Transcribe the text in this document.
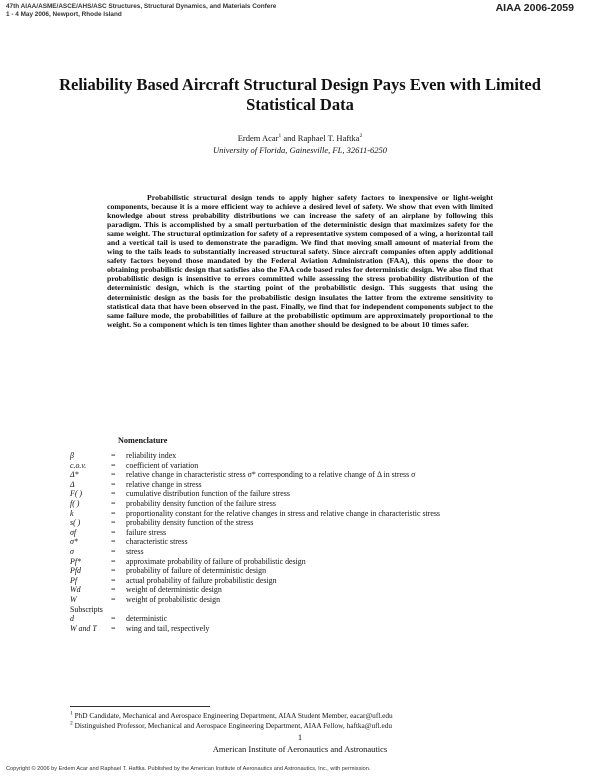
47th AIAA/ASME/ASCE/AHS/ASC Structures, Structural Dynamics, and Materials Confere
1 - 4 May 2006, Newport, Rhode Island
AIAA 2006-2059
Reliability Based Aircraft Structural Design Pays Even with Limited Statistical Data
Erdem Acar$^1$ and Raphael T. Haftka$^2$
University of Florida, Gainesville, FL, 32611-6250
Probabilistic structural design tends to apply higher safety factors to inexpensive or light-weight components, because it is a more efficient way to achieve a desired level of safety. We show that even with limited knowledge about stress probability distributions we can increase the safety of an airplane by following this paradigm. This is accomplished by a small perturbation of the deterministic design that maximizes safety for the same weight. The structural optimization for safety of a representative system composed of a wing, a horizontal tail and a vertical tail is used to demonstrate the paradigm. We find that moving small amount of material from the wing to the tails leads to substantially increased structural safety. Since aircraft companies often apply additional safety factors beyond those mandated by the Federal Aviation Administration (FAA), this opens the door to obtaining probabilistic design that satisfies also the FAA code based rules for deterministic design. We also find that probabilistic design is insensitive to errors committed while assessing the stress probability distribution of the deterministic design, which is the starting point of the probabilistic design. This suggests that using the deterministic design as the basis for the probabilistic design insulates the latter from the extreme sensitivity to statistical data that have been observed in the past. Finally, we find that for independent components subject to the same failure mode, the probabilities of failure at the probabilistic optimum are approximately proportional to the weight. So a component which is ten times lighter than another should be designed to be about 10 times safer.
Nomenclature
β	= reliability index
c.o.v.	= coefficient of variation
Δ*	= relative change in characteristic stress σ* corresponding to a relative change of Δ in stress σ
Δ	= relative change in stress
F( )	= cumulative distribution function of the failure stress
f( )	= probability density function of the failure stress
k	= proportionality constant for the relative changes in stress and relative change in characteristic stress
s( )	= probability density function of the stress
σf	= failure stress
σ*	= characteristic stress
σ	= stress
Pf*	= approximate probability of failure of probabilistic design
Pfd	= probability of failure of deterministic design
Pf	= actual probability of failure probabilistic design
Wd	= weight of deterministic design
W	= weight of probabilistic design
Subscripts
d	= deterministic
W and T = wing and tail, respectively
$^1$ PhD Candidate, Mechanical and Aerospace Engineering Department, AIAA Student Member, eacar@ufl.edu
$^2$ Distinguished Professor, Mechanical and Aerospace Engineering Department, AIAA Fellow, haftka@ufl.edu
1
American Institute of Aeronautics and Astronautics
Copyright © 2006 by Erdem Acar and Raphael T. Haftka. Published by the American Institute of Aeronautics and Astronautics, Inc., with permission.
